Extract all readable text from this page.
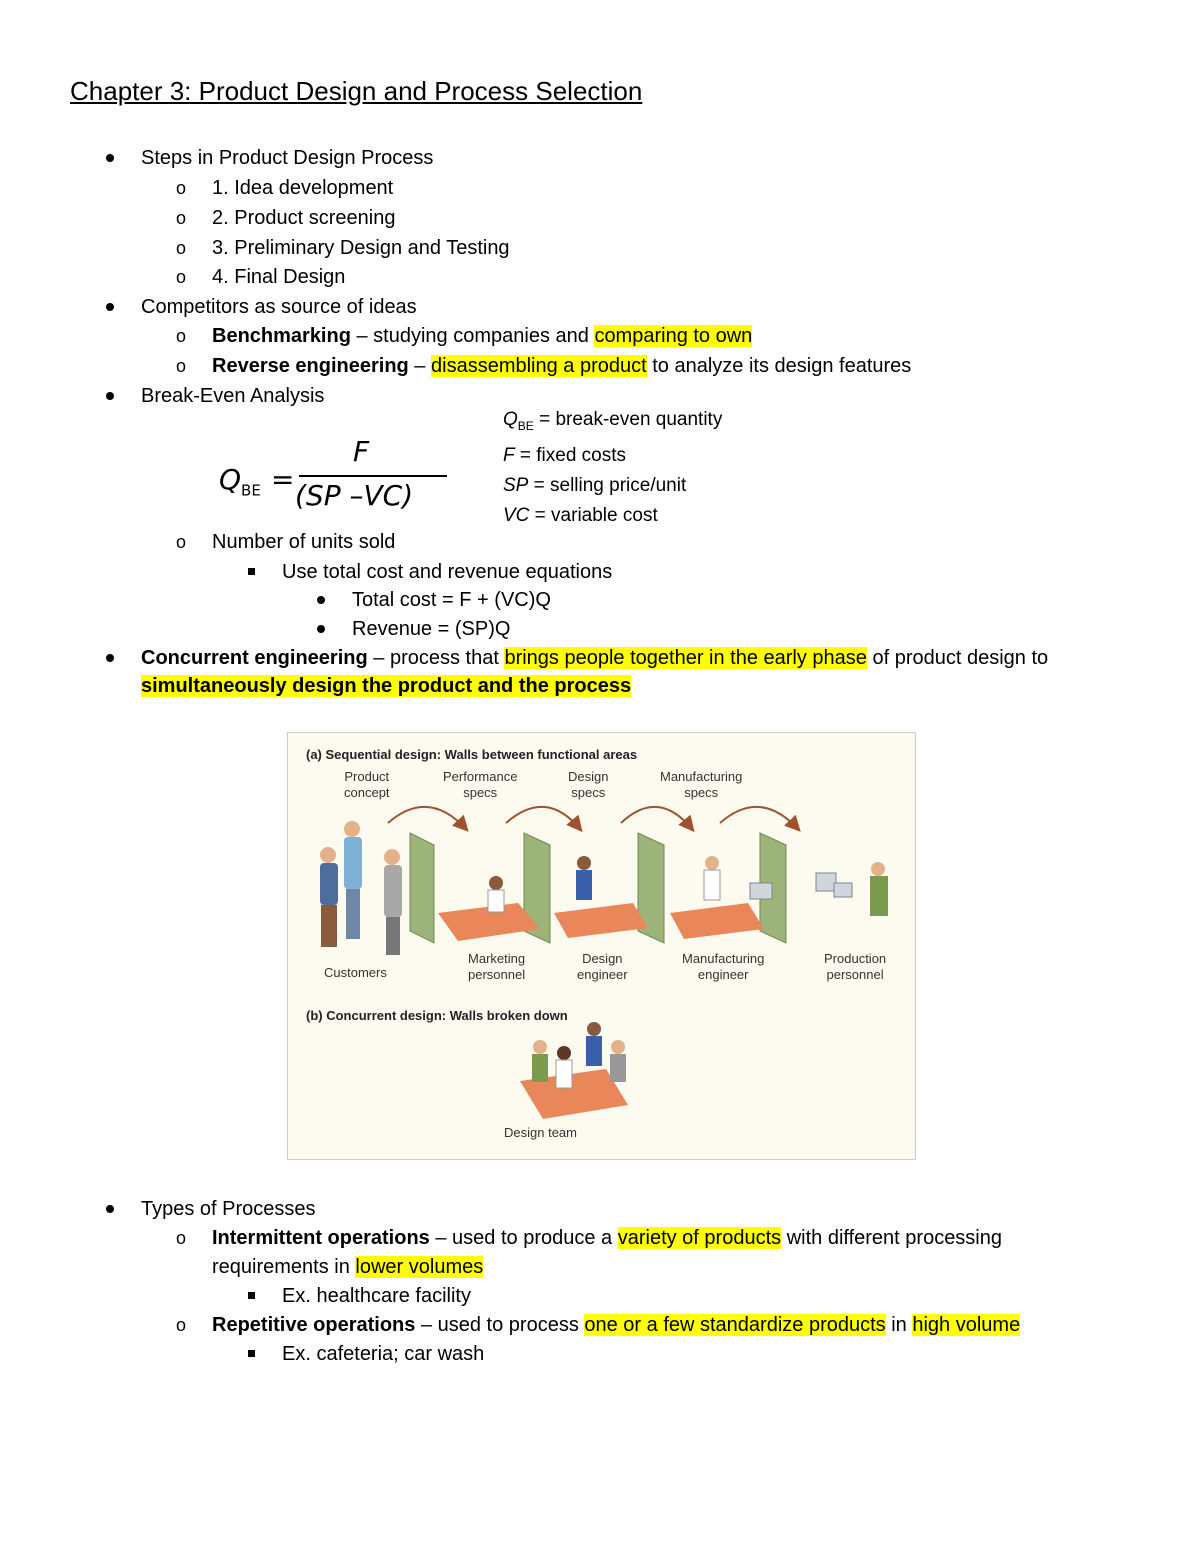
Chapter 3: Product Design and Process Selection
Steps in Product Design Process
o 1. Idea development
o 2. Product screening
o 3. Preliminary Design and Testing
o 4. Final Design
Competitors as source of ideas
o Benchmarking – studying companies and comparing to own
o Reverse engineering – disassembling a product to analyze its design features
Break-Even Analysis
$Q_{BE}$ =
F
(SP –VC)
$Q_{BE}$ = break-even quantity
F = fixed costs
SP = selling price/unit
VC = variable cost
o Number of units sold
Use total cost and revenue equations
Total cost = F + (VC)Q
Revenue = (SP)Q
Concurrent engineering – process that brings people together in the early phase of product design to
simultaneously design the product and the process
(a) Sequential design: Walls between functional areas
Product
concept
Performance
specs
Design
specs
Manufacturing
specs
Customers
Marketing
personnel
Design
engineer
Manufacturing
engineer
Production
personnel
(b) Concurrent design: Walls broken down
Design team
Types of Processes
o Intermittent operations – used to produce a variety of products with different processing
requirements in lower volumes
Ex. healthcare facility
o Repetitive operations – used to process one or a few standardize products in high volume
Ex. cafeteria; car wash
